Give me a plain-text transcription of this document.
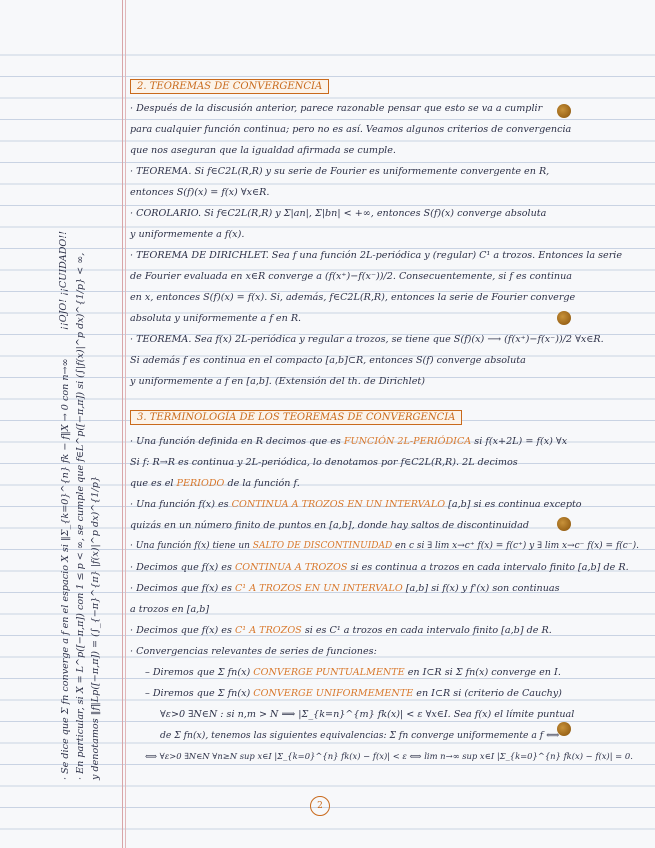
2. TEOREMAS DE CONVERGENCIA
· Después de la discusión anterior, parece razonable pensar que esto se va a cumplir
para cualquier función continua; pero no es así. Veamos algunos criterios de convergencia
que nos aseguran que la igualdad afirmada se cumple.
· TEOREMA. Si f∈C2L(R,R) y su serie de Fourier es uniformemente convergente en R,
entonces S(f)(x) = f(x) ∀x∈R.
· COROLARIO. Si f∈C2L(R,R) y Σ|an|, Σ|bn| < +∞, entonces S(f)(x) converge absoluta
y uniformemente a f(x).
· TEOREMA DE DIRICHLET. Sea f una función 2L-periódica y (regular) C¹ a trozos. Entonces la serie
de Fourier evaluada en x∈R converge a (f(x⁺)−f(x⁻))/2. Consecuentemente, si f es continua
en x, entonces S(f)(x) = f(x). Si, además, f∈C2L(R,R), entonces la serie de Fourier converge
absoluta y uniformemente a f en R.
· TEOREMA. Sea f(x) 2L-periódica y regular a trozos, se tiene que S(f)(x) ⟶ (f(x⁺)−f(x⁻))/2 ∀x∈R.
Si además f es continua en el compacto [a,b]⊂R, entonces S(f) converge absoluta
y uniformemente a f en [a,b]. (Extensión del th. de Dirichlet)
3. TERMINOLOGÍA DE LOS TEOREMAS DE CONVERGENCIA
· Una función definida en R decimos que es FUNCIÓN 2L-PERIÓDICA si f(x+2L) = f(x) ∀x
Si f: R→R es continua y 2L-periódica, lo denotamos por f∈C2L(R,R). 2L decimos
que es el PERIODO de la función f.
· Una función f(x) es CONTINUA A TROZOS EN UN INTERVALO [a,b] si es continua excepto
quizás en un número finito de puntos en [a,b], donde hay saltos de discontinuidad
· Una función f(x) tiene un SALTO DE DISCONTINUIDAD en c si ∃ lim x→c⁺ f(x) = f(c⁺) y ∃ lim x→c⁻ f(x) = f(c⁻).
· Decimos que f(x) es CONTINUA A TROZOS si es continua a trozos en cada intervalo finito [a,b] de R.
· Decimos que f(x) es C¹ A TROZOS EN UN INTERVALO [a,b] si f(x) y f'(x) son continuas
a trozos en [a,b]
· Decimos que f(x) es C¹ A TROZOS si es C¹ a trozos en cada intervalo finito [a,b] de R.
· Convergencias relevantes de series de funciones:
– Diremos que Σ fn(x) CONVERGE PUNTUALMENTE en I⊂R si Σ fn(x) converge en I.
– Diremos que Σ fn(x) CONVERGE UNIFORMEMENTE en I⊂R si (criterio de Cauchy)
∀ε>0 ∃N∈N : si n,m > N ⟹ |Σ_{k=n}^{m} fk(x)| < ε ∀x∈I. Sea f(x) el límite puntual
de Σ fn(x), tenemos las siguientes equivalencias: Σ fn converge uniformemente a f ⟺
⟺ ∀ε>0 ∃N∈N ∀n≥N sup x∈I |Σ_{k=0}^{n} fk(x) − f(x)| < ε ⟺ lim n→∞ sup x∈I |Σ_{k=0}^{n} fk(x) − f(x)| = 0.
· Se dice que Σ fn converge a f en el espacio X si ‖Σ_{k=0}^{n} fk − f‖X → 0 con n→∞ · En particular, si X = L^p([−π,π]) con 1 ≤ p < ∞, se cumple que f∈L^p([−π,π]) si (∫|f(x)|^p dx)^{1/p} < ∞, y denotamos ‖f‖Lp([−π,π]) = (∫_{−π}^{π} |f(x)|^p dx)^{1/p}
¡¡OJO! ¡¡CUIDADO!!
2
